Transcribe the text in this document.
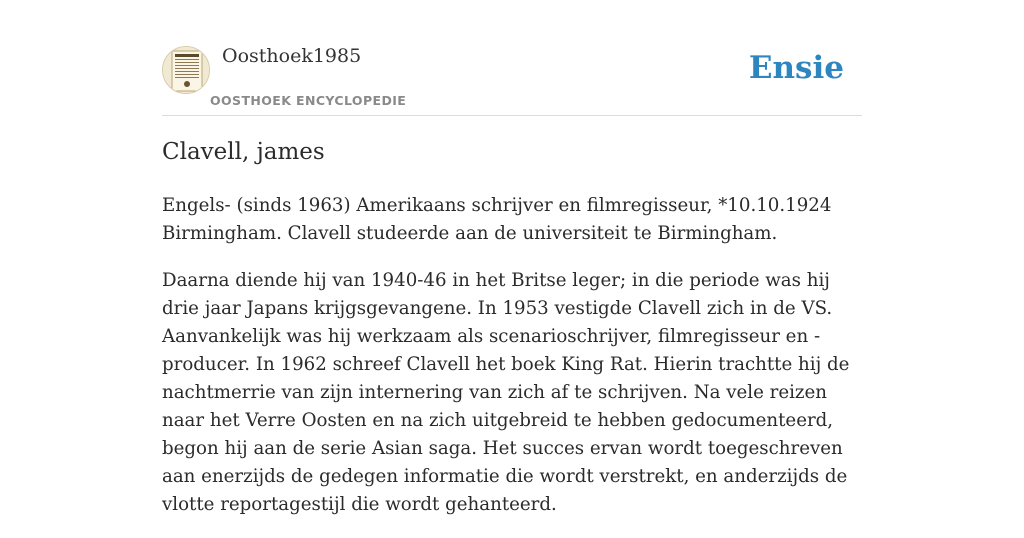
Oosthoek1985
OOSTHOEK ENCYCLOPEDIE
Ensie
Clavell, james

Engels- (sinds 1963) Amerikaans schrijver en filmregisseur, *10.10.1924 Birmingham. Clavell studeerde aan de universiteit te Birmingham.

Daarna diende hij van 1940-46 in het Britse leger; in die periode was hij drie jaar Japans krijgsgevangene. In 1953 vestigde Clavell zich in de VS. Aanvankelijk was hij werkzaam als scenarioschrijver, filmregisseur en -producer. In 1962 schreef Clavell het boek King Rat. Hierin trachtte hij de nachtmerrie van zijn internering van zich af te schrijven. Na vele reizen naar het Verre Oosten en na zich uitgebreid te hebben gedocumenteerd, begon hij aan de serie Asian saga. Het succes ervan wordt toegeschreven aan enerzijds de gedegen informatie die wordt verstrekt, en anderzijds de vlotte reportagestijl die wordt gehanteerd.
